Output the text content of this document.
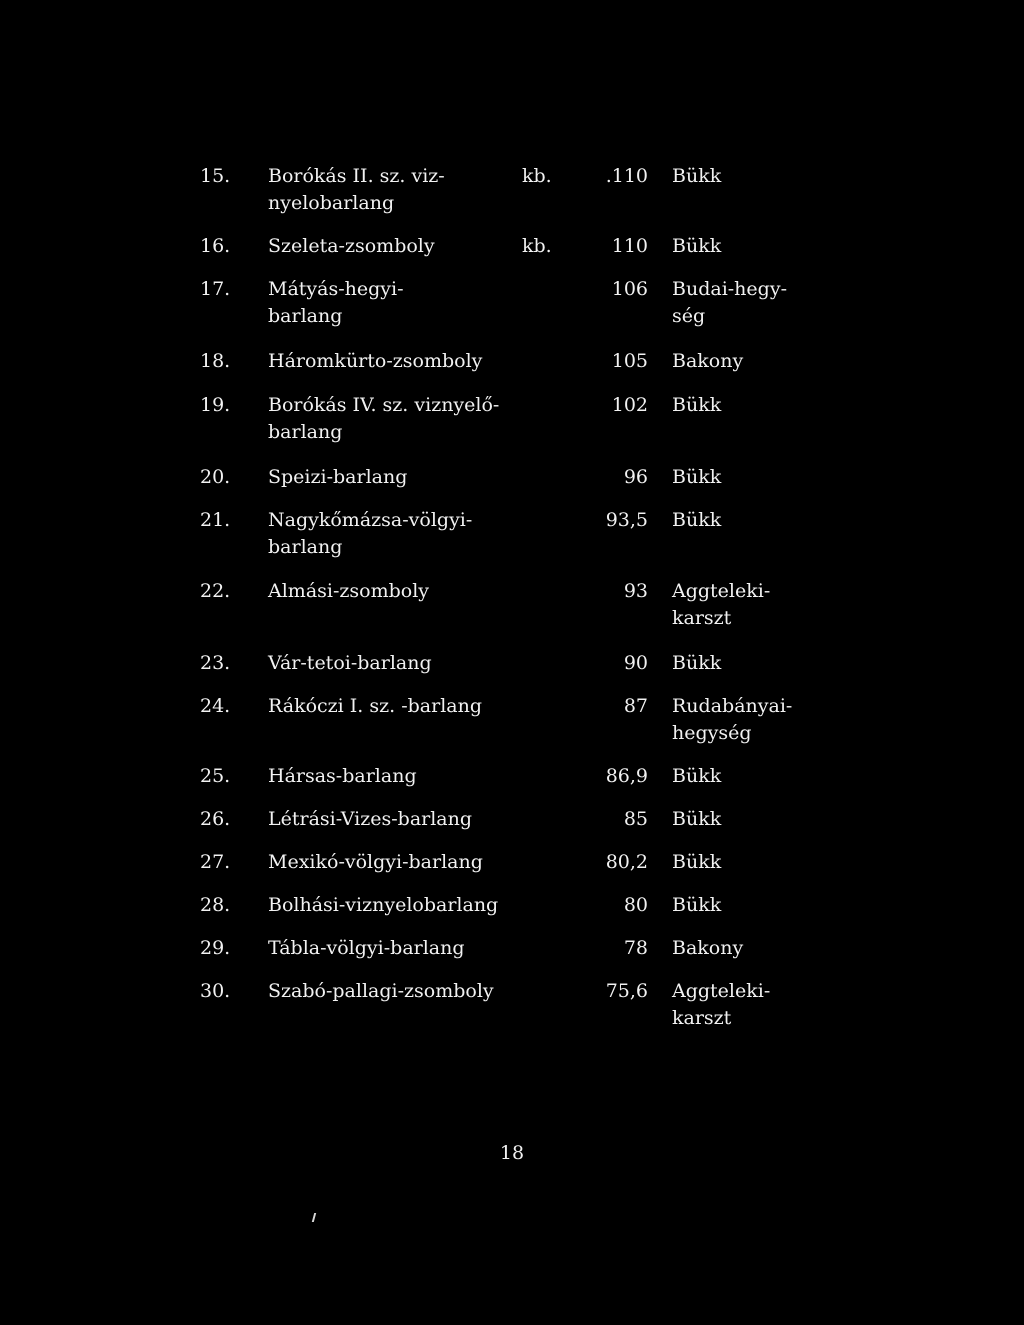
15.	Borókás II. sz. viz-
nyelobarlang
kb.	.110 Bükk
16.	Szeleta-zsomboly	kb.	110 Bükk
17.	Mátyás-hegyi-
barlang
106 Budai-hegy-
ség
18.	Háromkürto-zsomboly	105 Bakony
19.	Borókás IV. sz. viznyelő-
barlang
102 Bükk
20.	Speizi-barlang	96 Bükk
21.	Nagykőmázsa-völgyi-
barlang
93,5 Bükk
22.	Almási-zsomboly	93 Aggteleki-
karszt
23.	Vár-tetoi-barlang	90 Bükk
24.	Rákóczi I. sz. -barlang	87 Rudabányai-
hegység
25.	Hársas-barlang	86,9 Bükk
26.	Létrási-Vizes-barlang	85 Bükk
27.	Mexikó-völgyi-barlang	80,2 Bükk
28.	Bolhási-viznyelobarlang	80 Bükk
29.	Tábla-völgyi-barlang	78 Bakony
30.	Szabó-pallagi-zsomboly	75,6 Aggteleki-
karszt
18
